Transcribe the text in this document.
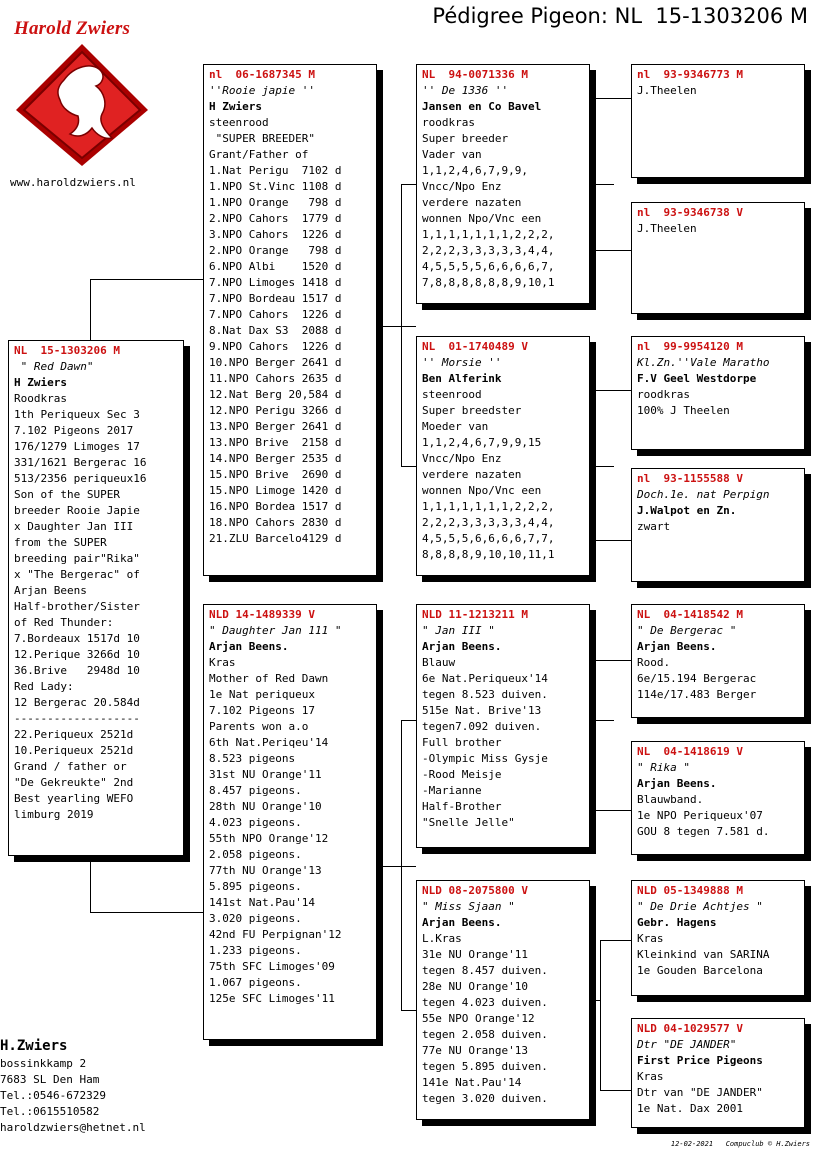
Pédigree Pigeon: NL  15-1303206 M
Harold Zwiers
www.haroldzwiers.nl
NL  15-1303206 M
" Red Dawn"
H Zwiers
Roodkras
1th Periqueux Sec 3
7.102 Pigeons 2017
176/1279 Limoges 17
331/1621 Bergerac 16
513/2356 periqueux16
Son of the SUPER
breeder Rooie Japie
x Daughter Jan III
from the SUPER
breeding pair"Rika"
x "The Bergerac" of
Arjan Beens
Half-brother/Sister
of Red Thunder:
7.Bordeaux 1517d 10
12.Perique 3266d 10
36.Brive   2948d 10
Red Lady:
12 Bergerac 20.584d
-------------------
22.Periqueux 2521d
10.Periqueux 2521d
Grand / father or
"De Gekreukte" 2nd
Best yearling WEFO
limburg 2019
nl  06-1687345 M
''Rooie japie ''
H Zwiers
steenrood
"SUPER BREEDER"
Grant/Father of
1.Nat Perigu  7102 d
1.NPO St.Vinc 1108 d
1.NPO Orange   798 d
2.NPO Cahors  1779 d
3.NPO Cahors  1226 d
2.NPO Orange   798 d
6.NPO Albi    1520 d
7.NPO Limoges 1418 d
7.NPO Bordeau 1517 d
7.NPO Cahors  1226 d
8.Nat Dax S3  2088 d
9.NPO Cahors  1226 d
10.NPO Berger 2641 d
11.NPO Cahors 2635 d
12.Nat Berg 20,584 d
12.NPO Perigu 3266 d
13.NPO Berger 2641 d
13.NPO Brive  2158 d
14.NPO Berger 2535 d
15.NPO Brive  2690 d
15.NPO Limoge 1420 d
16.NPO Bordea 1517 d
18.NPO Cahors 2830 d
21.ZLU Barcelo4129 d
NLD 14-1489339 V
" Daughter Jan 111 "
Arjan Beens.
Kras
Mother of Red Dawn
1e Nat periqueux
7.102 Pigeons 17
Parents won a.o
6th Nat.Periqeu'14
8.523 pigeons
31st NU Orange'11
8.457 pigeons.
28th NU Orange'10
4.023 pigeons.
55th NPO Orange'12
2.058 pigeons.
77th NU Orange'13
5.895 pigeons.
141st Nat.Pau'14
3.020 pigeons.
42nd FU Perpignan'12
1.233 pigeons.
75th SFC Limoges'09
1.067 pigeons.
125e SFC Limoges'11
NL  94-0071336 M
'' De 1336 ''
Jansen en Co Bavel
roodkras
Super breeder
Vader van
1,1,2,4,6,7,9,9,
Vncc/Npo Enz
verdere nazaten
wonnen Npo/Vnc een
1,1,1,1,1,1,1,2,2,2,
2,2,2,3,3,3,3,3,4,4,
4,5,5,5,5,6,6,6,6,7,
7,8,8,8,8,8,8,9,10,1
NL  01-1740489 V
'' Morsie ''
Ben Alferink
steenrood
Super breedster
Moeder van
1,1,2,4,6,7,9,9,15
Vncc/Npo Enz
verdere nazaten
wonnen Npo/Vnc een
1,1,1,1,1,1,1,2,2,2,
2,2,2,3,3,3,3,3,4,4,
4,5,5,5,6,6,6,6,7,7,
8,8,8,8,9,10,10,11,1
NLD 11-1213211 M
" Jan III "
Arjan Beens.
Blauw
6e Nat.Periqueux'14
tegen 8.523 duiven.
515e Nat. Brive'13
tegen7.092 duiven.
Full brother
-Olympic Miss Gysje
-Rood Meisje
-Marianne
Half-Brother
"Snelle Jelle"
NLD 08-2075800 V
" Miss Sjaan "
Arjan Beens.
L.Kras
31e NU Orange'11
tegen 8.457 duiven.
28e NU Orange'10
tegen 4.023 duiven.
55e NPO Orange'12
tegen 2.058 duiven.
77e NU Orange'13
tegen 5.895 duiven.
141e Nat.Pau'14
tegen 3.020 duiven.
nl  93-9346773 M
J.Theelen
nl  93-9346738 V
J.Theelen
nl  99-9954120 M
Kl.Zn.''Vale Maratho
F.V Geel Westdorpe
roodkras
100% J Theelen
nl  93-1155588 V
Doch.1e. nat Perpign
J.Walpot en Zn.
zwart
NL  04-1418542 M
" De Bergerac "
Arjan Beens.
Rood.
6e/15.194 Bergerac
114e/17.483 Berger
NL  04-1418619 V
" Rika "
Arjan Beens.
Blauwband.
1e NPO Periqueux'07
GOU 8 tegen 7.581 d.
NLD 05-1349888 M
" De Drie Achtjes "
Gebr. Hagens
Kras
Kleinkind van SARINA
1e Gouden Barcelona
NLD 04-1029577 V
Dtr "DE JANDER"
First Price Pigeons
Kras
Dtr van "DE JANDER"
1e Nat. Dax 2001
H.Zwiers
bossinkkamp 2
7683 SL Den Ham
Tel.:0546-672329
Tel.:0615510582
haroldzwiers@hetnet.nl
12-02-2021   Compuclub © H.Zwiers
